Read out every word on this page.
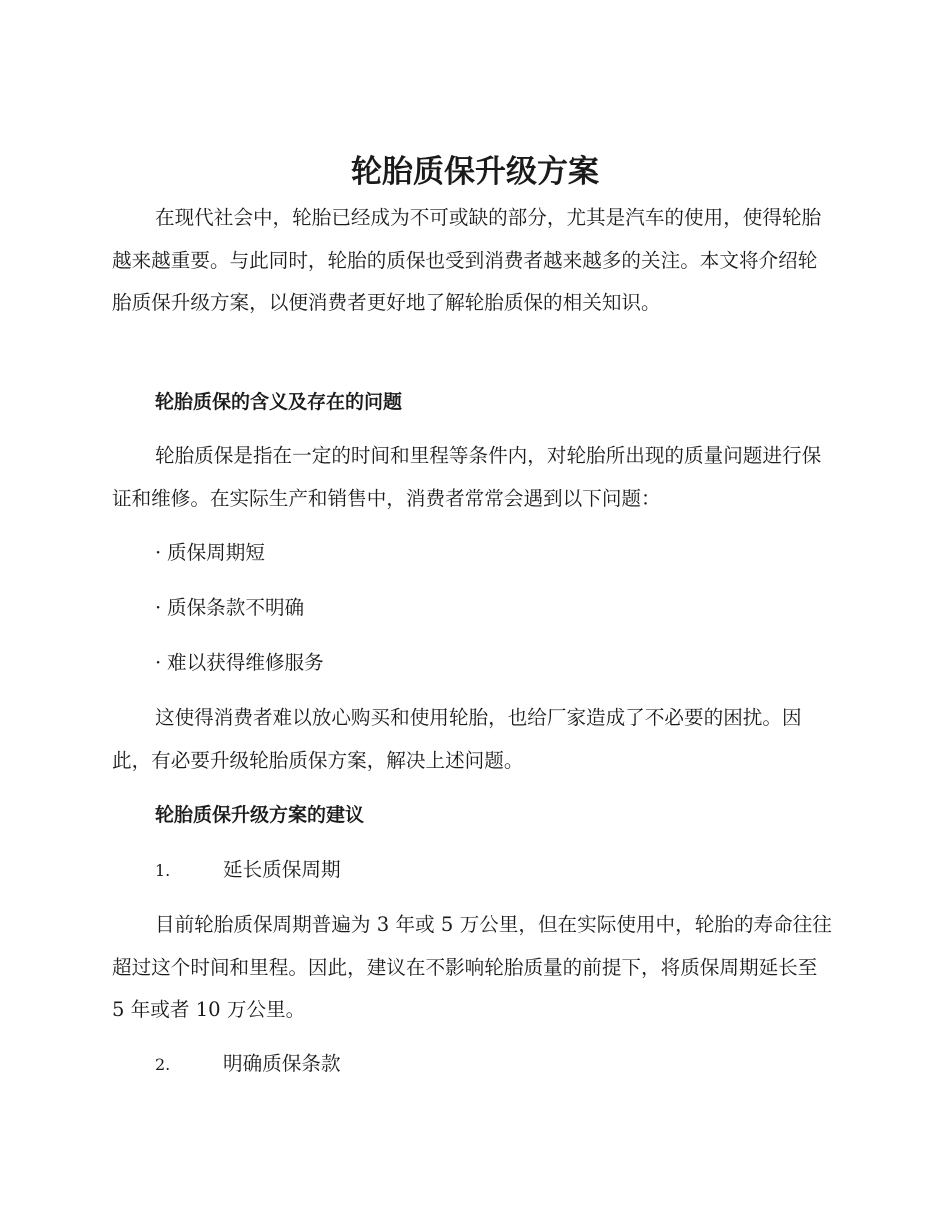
轮胎质保升级方案

在现代社会中，轮胎已经成为不可或缺的部分，尤其是汽车的使用，使得轮胎越来越重要。与此同时，轮胎的质保也受到消费者越来越多的关注。本文将介绍轮胎质保升级方案，以便消费者更好地了解轮胎质保的相关知识。

轮胎质保的含义及存在的问题

轮胎质保是指在一定的时间和里程等条件内，对轮胎所出现的质量问题进行保证和维修。在实际生产和销售中，消费者常常会遇到以下问题：

· 质保周期短
· 质保条款不明确
· 难以获得维修服务

这使得消费者难以放心购买和使用轮胎，也给厂家造成了不必要的困扰。因此，有必要升级轮胎质保方案，解决上述问题。

轮胎质保升级方案的建议
1.	延长质保周期

目前轮胎质保周期普遍为 3 年或 5 万公里，但在实际使用中，轮胎的寿命往往超过这个时间和里程。因此，建议在不影响轮胎质量的前提下，将质保周期延长至 5 年或者 10 万公里。

2.	明确质保条款
